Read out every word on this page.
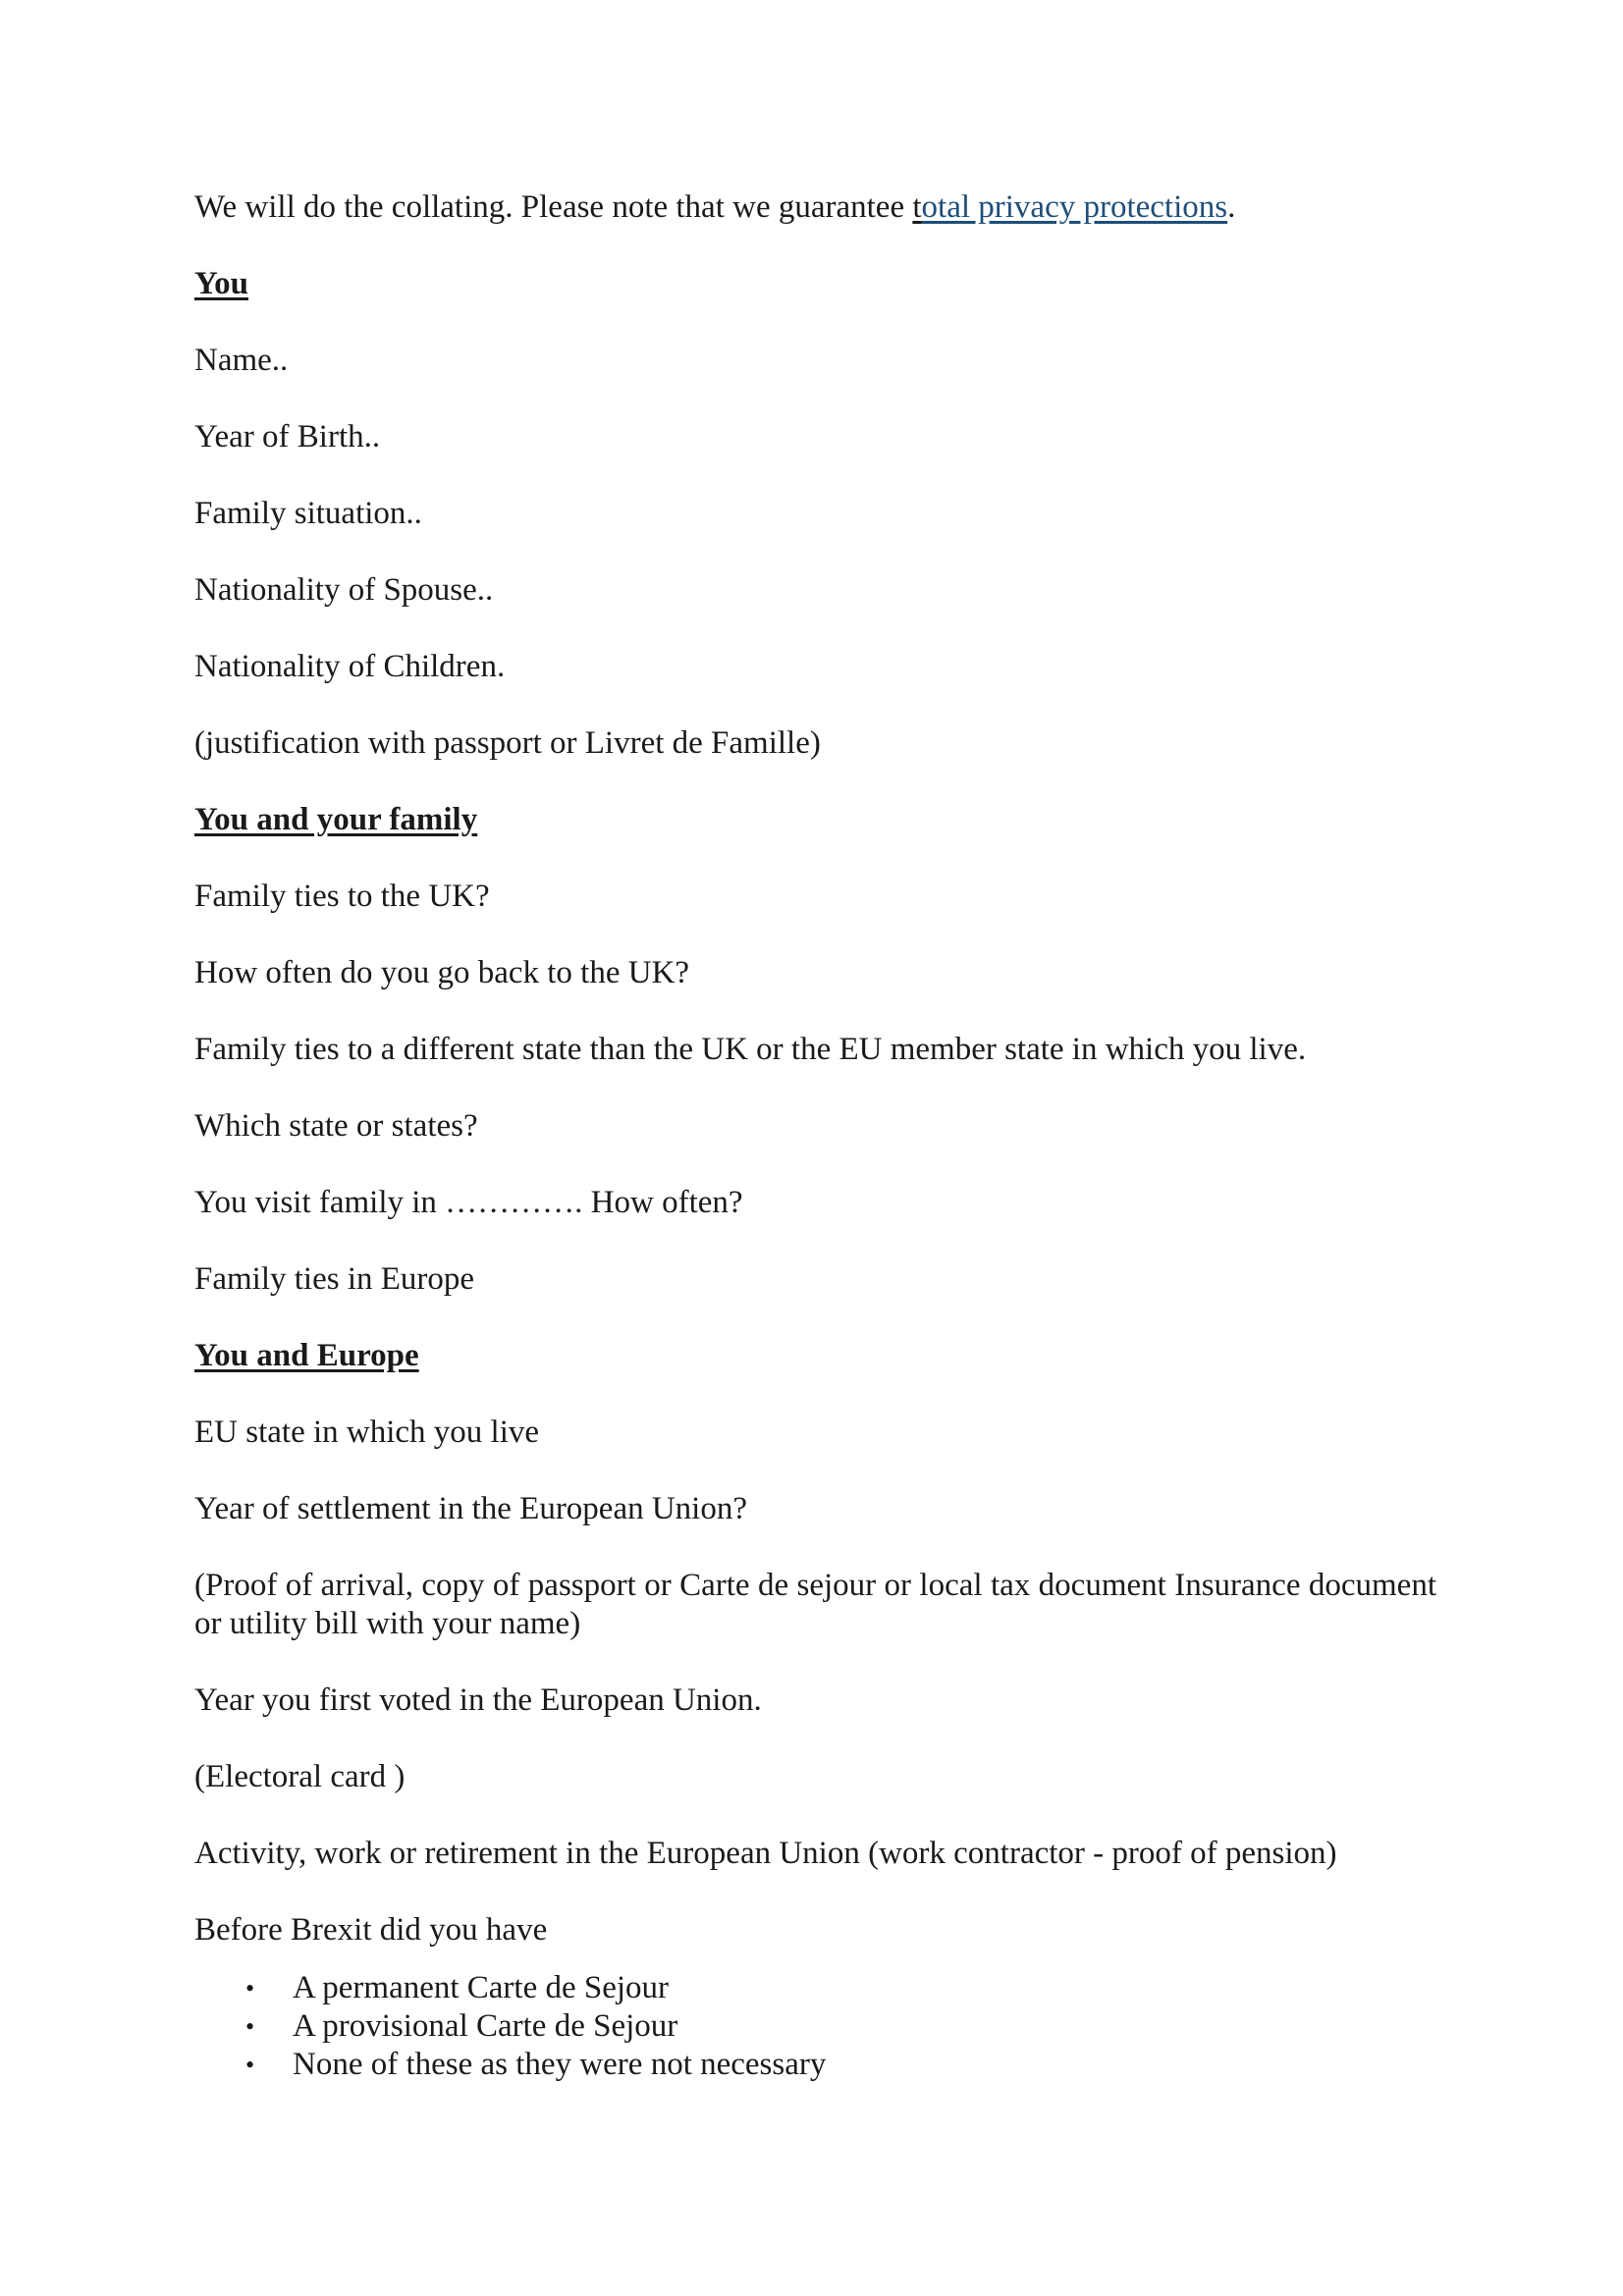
We will do the collating. Please note that we guarantee total privacy protections.

You

Name..

Year of Birth..

Family situation..

Nationality of Spouse..

Nationality of Children.

(justification with passport or Livret de Famille)

You and your family

Family ties to the UK?

How often do you go back to the UK?

Family ties to a different state than the UK or the EU member state in which you live.

Which state or states?

You visit family in …………. How often?

Family ties in Europe

You and Europe

EU state in which you live

Year of settlement in the European Union?

(Proof of arrival, copy of passport or Carte de sejour or local tax document Insurance document or utility bill with your name)

Year you first voted in the European Union.

(Electoral card )

Activity, work or retirement in the European Union (work contractor - proof of pension)

Before Brexit did you have

• A permanent Carte de Sejour
• A provisional Carte de Sejour
• None of these as they were not necessary
